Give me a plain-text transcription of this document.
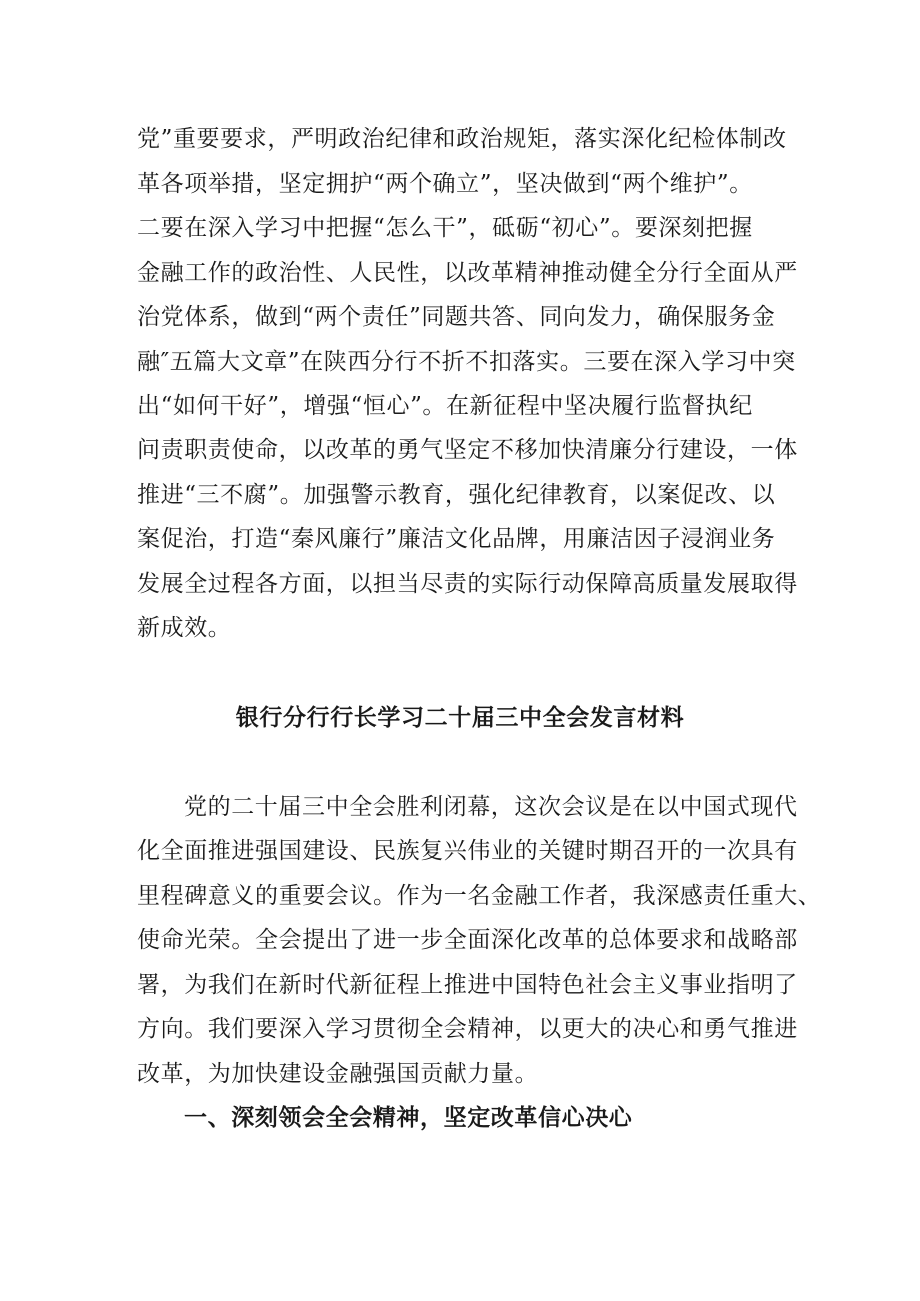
党”重要要求，严明政治纪律和政治规矩，落实深化纪检体制改
革各项举措，坚定拥护“两个确立”，坚决做到“两个维护”。
二要在深入学习中把握“怎么干”，砥砺“初心”。要深刻把握
金融工作的政治性、人民性，以改革精神推动健全分行全面从严
治党体系，做到“两个责任”同题共答、同向发力，确保服务金
融″五篇大文章”在陕西分行不折不扣落实。三要在深入学习中突
出“如何干好”，增强“恒心”。在新征程中坚决履行监督执纪
问责职责使命，以改革的勇气坚定不移加快清廉分行建设，一体
推进“三不腐”。加强警示教育，强化纪律教育，以案促改、以
案促治，打造“秦风廉行”廉洁文化品牌，用廉洁因子浸润业务
发展全过程各方面，以担当尽责的实际行动保障高质量发展取得
新成效。
银行分行行长学习二十届三中全会发言材料
党的二十届三中全会胜利闭幕，这次会议是在以中国式现代
化全面推进强国建设、民族复兴伟业的关键时期召开的一次具有
里程碑意义的重要会议。作为一名金融工作者，我深感责任重大、
使命光荣。全会提出了进一步全面深化改革的总体要求和战略部
署，为我们在新时代新征程上推进中国特色社会主义事业指明了
方向。我们要深入学习贯彻全会精神，以更大的决心和勇气推进
改革，为加快建设金融强国贡献力量。
一、深刻领会全会精神，坚定改革信心决心
